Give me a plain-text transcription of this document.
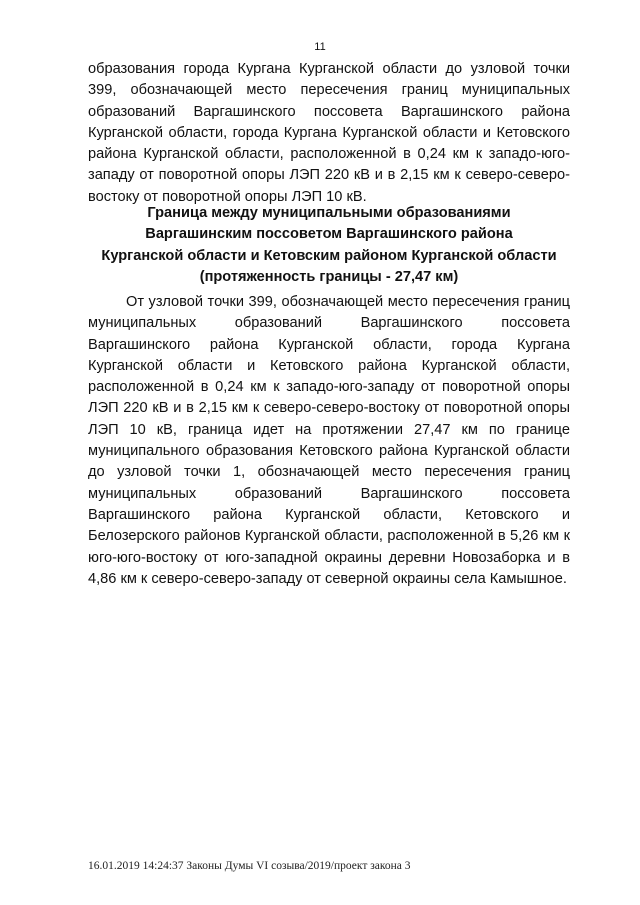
11

образования города Кургана Курганской области до узловой точки 399, обозначающей место пересечения границ муниципальных образований Варгашинского поссовета Варгашинского района Курганской области, города Кургана Курганской области и Кетовского района Курганской области, расположенной в 0,24 км к западо-юго-западу от поворотной опоры ЛЭП 220 кВ и в 2,15 км к северо-северо-востоку от поворотной опоры ЛЭП 10 кВ.

Граница между муниципальными образованиями
Варгашинским поссоветом Варгашинского района
Курганской области и Кетовским районом Курганской области
(протяженность границы - 27,47 км)

От узловой точки 399, обозначающей место пересечения границ муниципальных образований Варгашинского поссовета Варгашинского района Курганской области, города Кургана Курганской области и Кетовского района Курганской области, расположенной в 0,24 км к западо-юго-западу от поворотной опоры ЛЭП 220 кВ и в 2,15 км к северо-северо-востоку от поворотной опоры ЛЭП 10 кВ, граница идет на протяжении 27,47 км по границе муниципального образования Кетовского района Курганской области до узловой точки 1, обозначающей место пересечения границ муниципальных образований Варгашинского поссовета Варгашинского района Курганской области, Кетовского и Белозерского районов Курганской области, расположенной в 5,26 км к юго-юго-востоку от юго-западной окраины деревни Новозаборка и в 4,86 км к северо-северо-западу от северной окраины села Камышное.

16.01.2019 14:24:37 Законы Думы VI созыва/2019/проект закона 3
